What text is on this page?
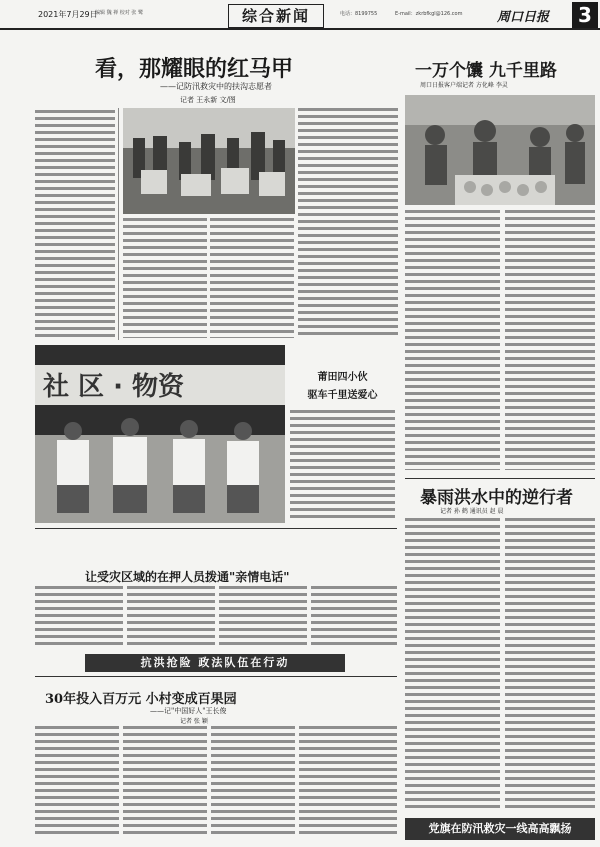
2021年7月29日
编辑 魏 禅 校对 张 鹭	综合新闻	电话：8199755	E-mail：zkrbfkgl@126.com	周口日报	3
看，那耀眼的红马甲
——记防汛救灾中的扶沟志愿者
记者 王永新 文/图
一万个馕 九千里路
周口日报客户端记者 方化峰 李灵
社 区 · 物资	莆田四小伙
驱车千里送爱心
暴雨洪水中的逆行者
记者 孙 鹤 通讯员 赵 晨
让受灾区域的在押人员拨通"亲情电话"
抗洪抢险 政法队伍在行动
30年投入百万元 小村变成百果园
——记"中国好人"王长俊
记者 张 颖
党旗在防汛救灾一线高高飘扬
